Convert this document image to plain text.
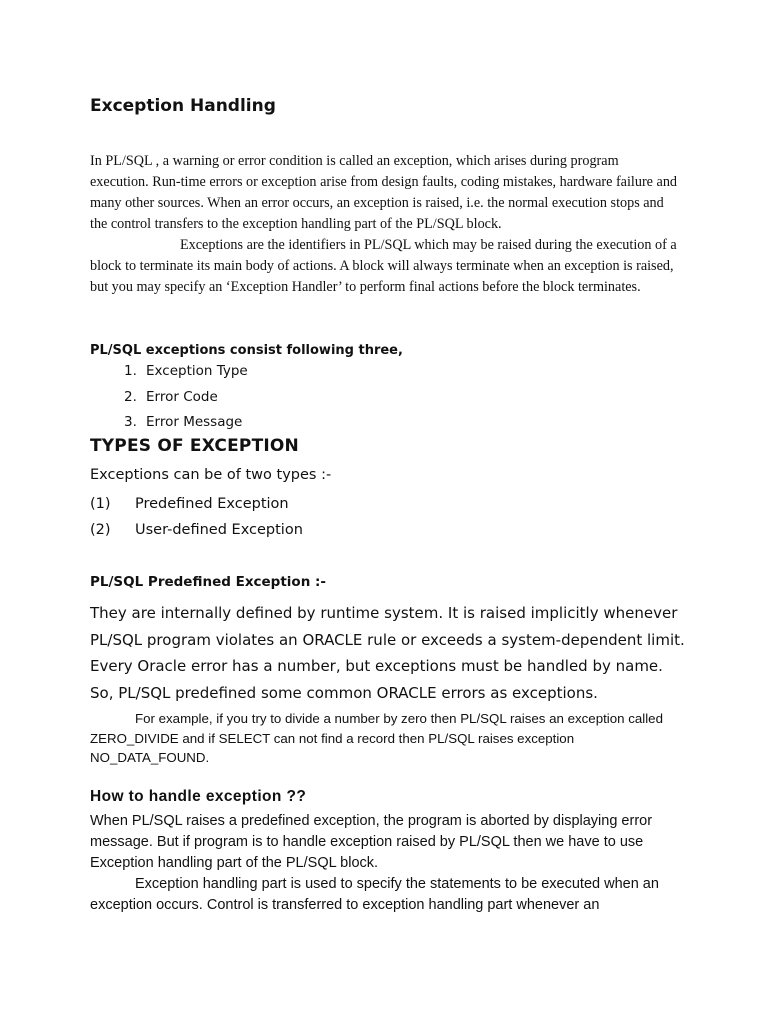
Exception Handling

In PL/SQL , a warning or error condition is called an exception, which arises during program execution. Run-time errors or exception arise from design faults, coding mistakes, hardware failure and many other sources. When an error occurs, an exception is raised, i.e. the normal execution stops and the control transfers to the exception handling part of the PL/SQL block.
Exceptions are the identifiers in PL/SQL which may be raised during the execution of a block to terminate its main body of actions. A block will always terminate when an exception is raised, but you may specify an ‘Exception Handler’ to perform final actions before the block terminates.

PL/SQL exceptions consist following three,
1. Exception Type
2. Error Code
3. Error Message
TYPES OF EXCEPTION
Exceptions can be of two types :-
(1)	Predefined Exception
(2)	User-defined Exception
PL/SQL Predefined Exception :-

They are internally defined by runtime system. It is raised implicitly whenever PL/SQL program violates an ORACLE rule or exceeds a system-dependent limit. Every Oracle error has a number, but exceptions must be handled by name. So, PL/SQL predefined some common ORACLE errors as exceptions.

For example, if you try to divide a number by zero then PL/SQL raises an exception called ZERO_DIVIDE and if SELECT can not find a record then PL/SQL raises exception NO_DATA_FOUND.

How to handle exception ??

When PL/SQL raises a predefined exception, the program is aborted by displaying error message. But if program is to handle exception raised by PL/SQL then we have to use Exception handling part of the PL/SQL block.
Exception handling part is used to specify the statements to be executed when an exception occurs. Control is transferred to exception handling part whenever an
